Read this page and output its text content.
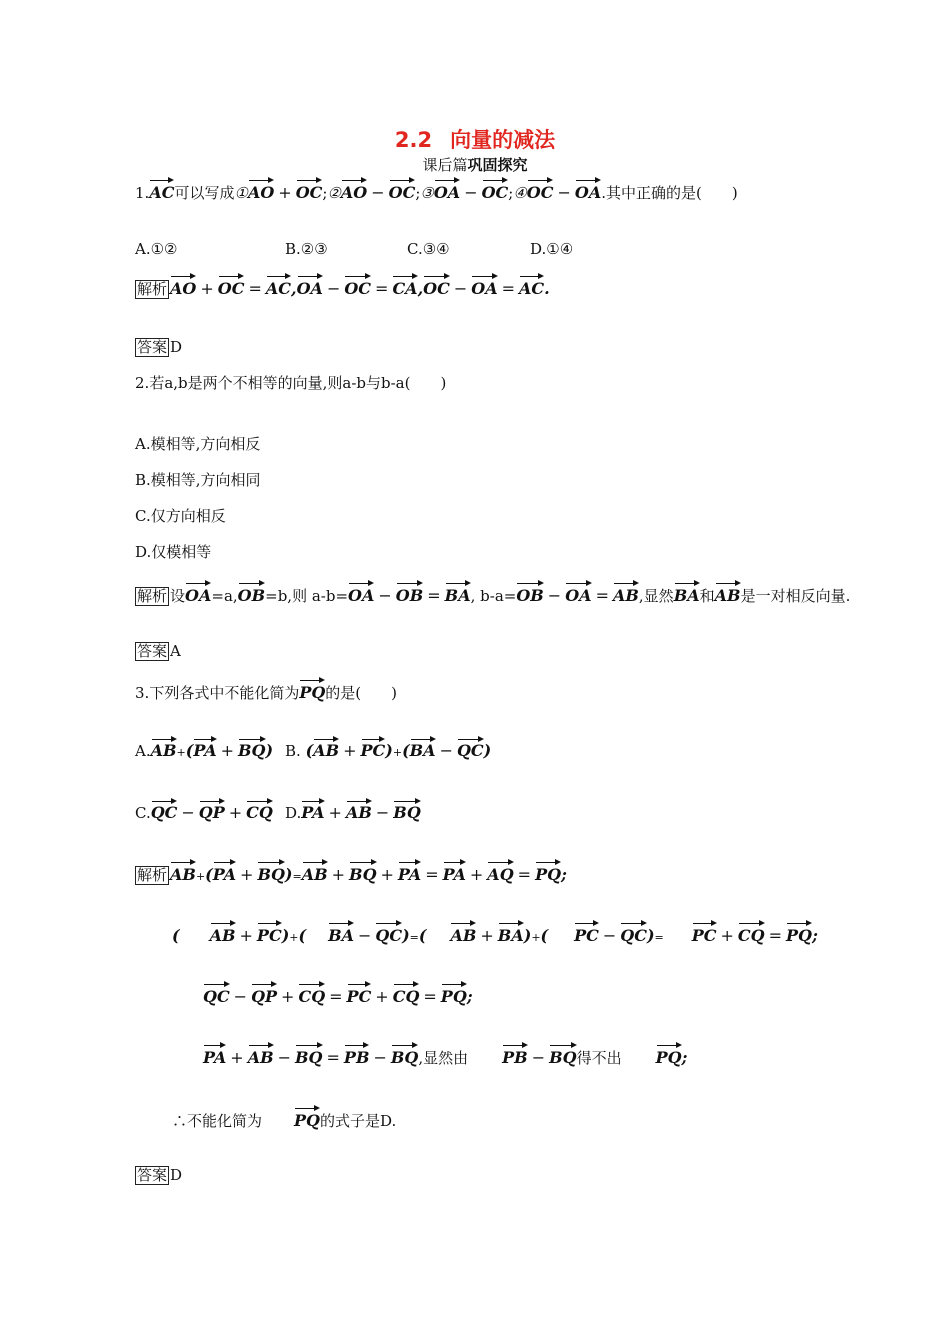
2.2 向量的减法
课后篇巩固探究
1.AC可以写成①AO + OC;②AO − OC;③OA − OC;④OC − OA.其中正确的是(　　)
A.①②	B.②③	C.③④	D.①④
解析 AO + OC = AC,OA − OC = CA,OC − OA = AC.
答案 D
2.若a,b是两个不相等的向量,则a-b与b-a(　　)
A.模相等,方向相反
B.模相等,方向相同
C.仅方向相反
D.仅模相等
解析 设OA=a,OB=b,则 a-b=OA − OB = BA, b-a=OB − OA = AB,显然BA和AB是一对相反向量.
答案 A
3.下列各式中不能化简为PQ的是(　　)
A.AB+(PA + BQ) B. (AB + PC)+(BA − QC)
C.QC − QP + CQ D.PA + AB − BQ
解析 AB+(PA + BQ)=AB + BQ + PA = PA + AQ = PQ;
( AB + PC)+( BA − QC)=( AB + BA)+( PC − QC)= PC + CQ = PQ;
QC − QP + CQ = PC + CQ = PQ;
PA + AB − BQ = PB − BQ,显然由 PB − BQ得不出 PQ;
∴不能化简为 PQ的式子是D.
答案 D
